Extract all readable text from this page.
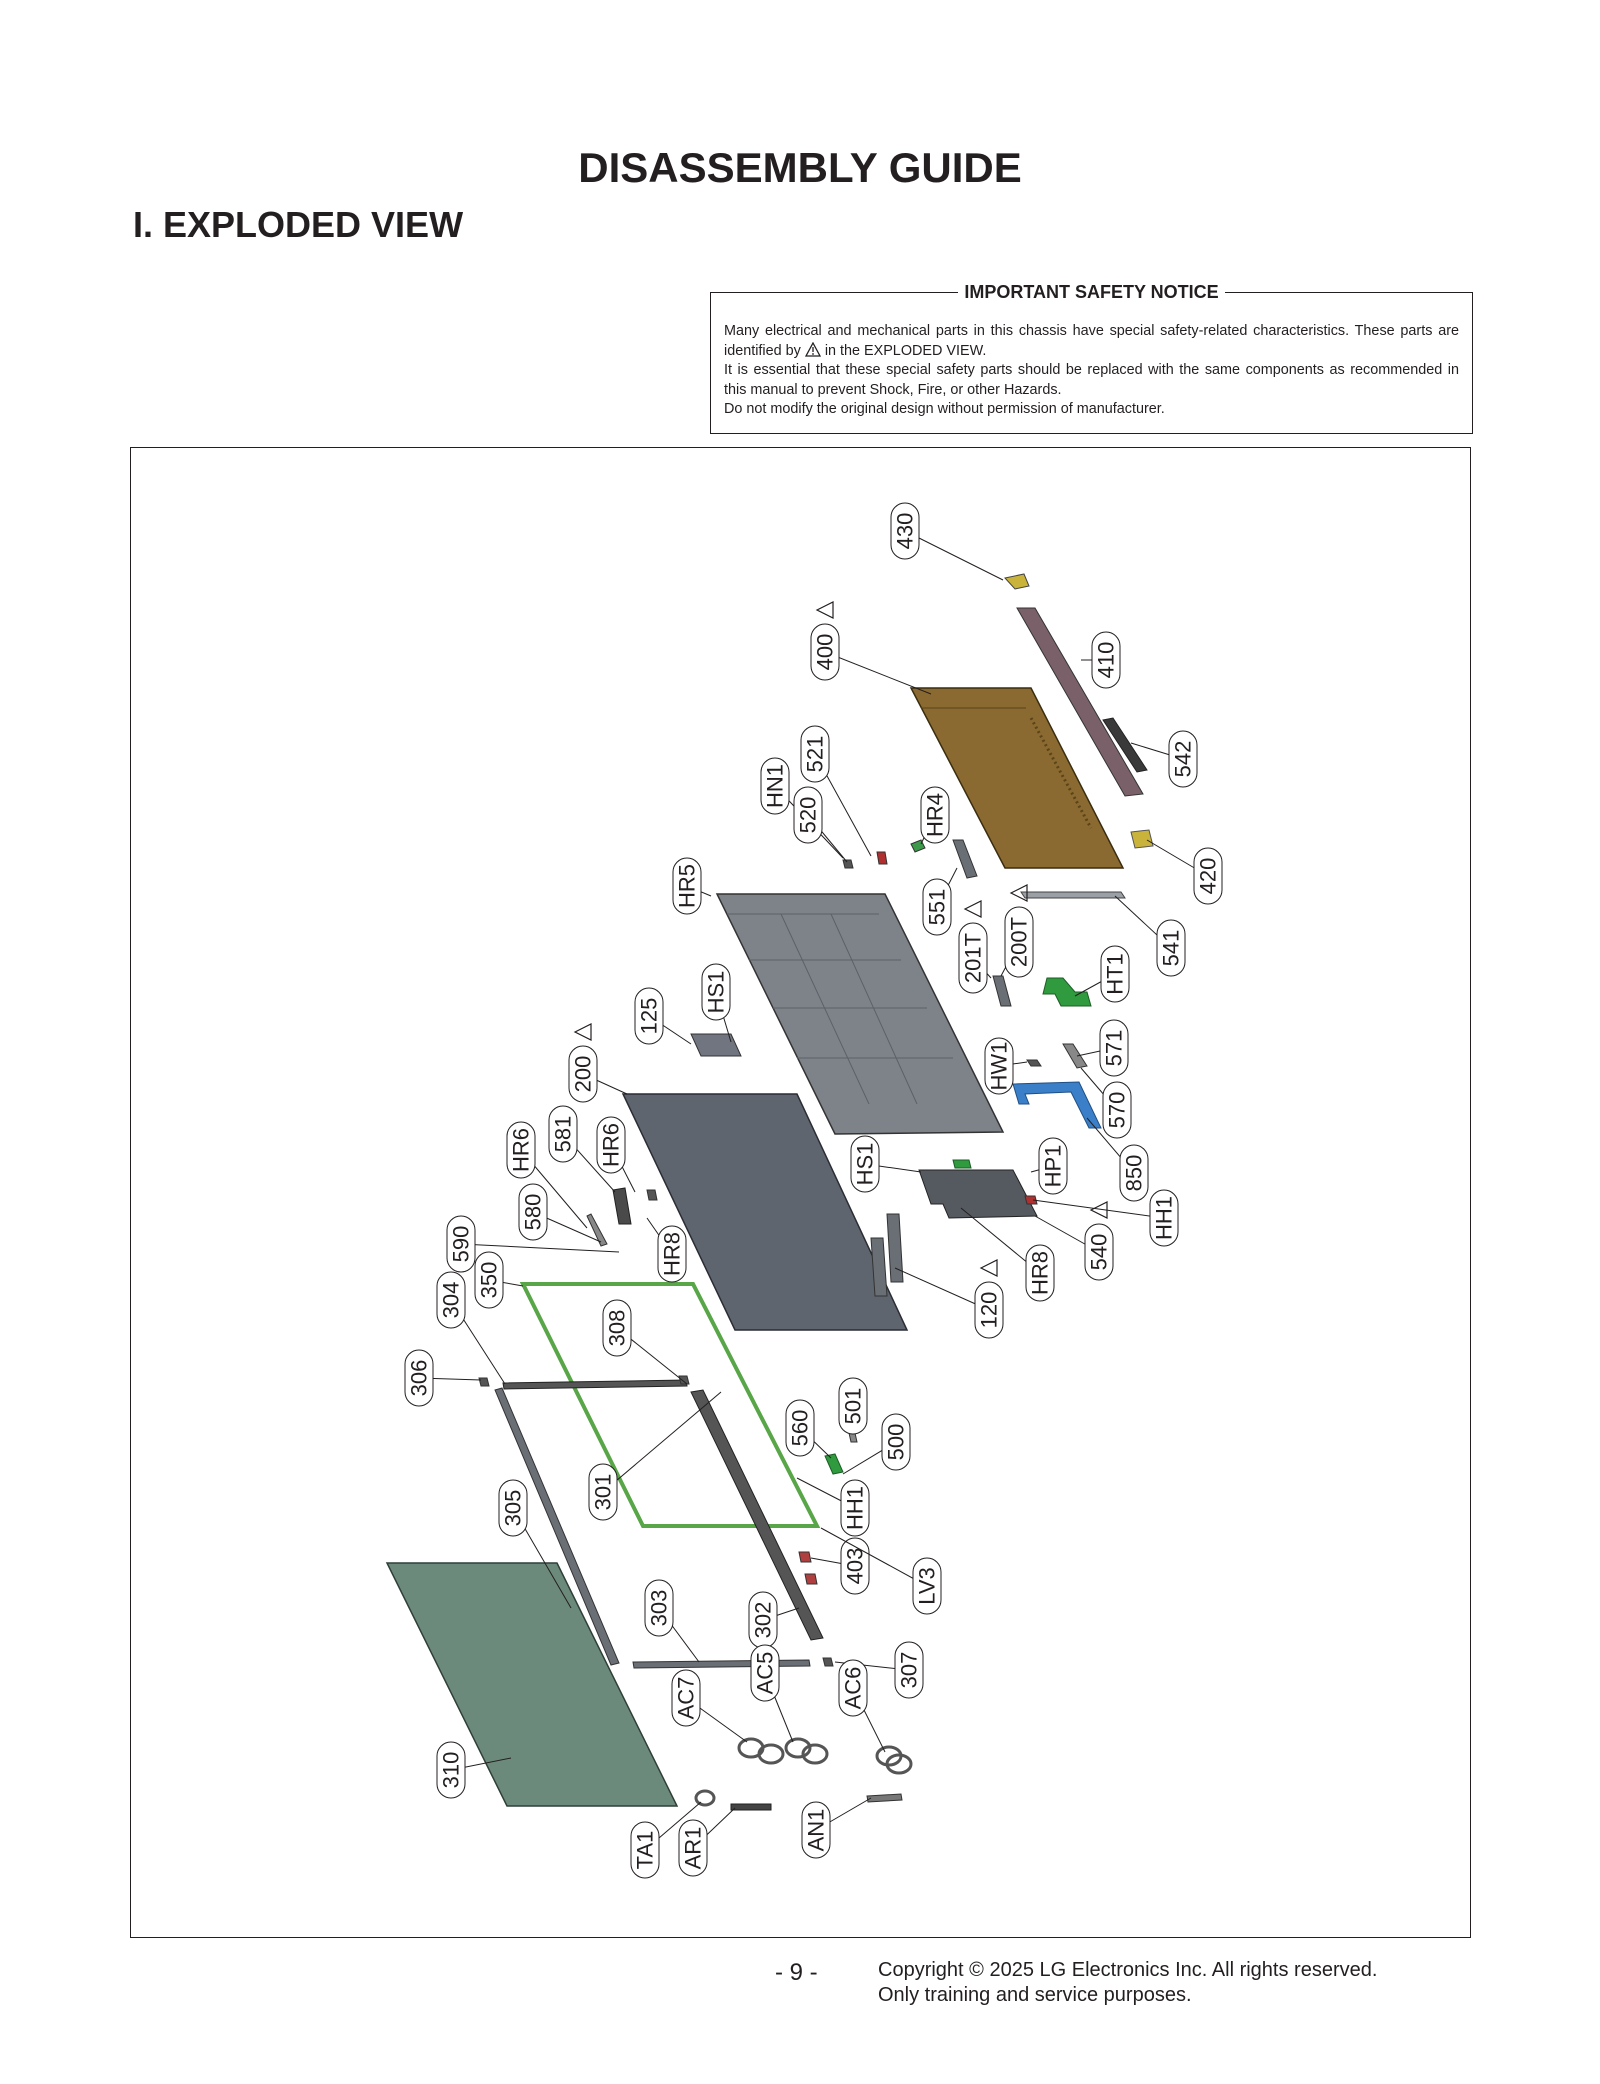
DISASSEMBLY GUIDE
I. EXPLODED VIEW
IMPORTANT SAFETY NOTICE

Many electrical and mechanical parts in this chassis have special safety-related characteristics. These parts are identified by in the EXPLODED VIEW.

It is essential that these special safety parts should be replaced with the same components as recommended in this manual to prevent Shock, Fire, or other Hazards.

Do not modify the original design without permission of manufacturer.

430
400	410
542
420
521
HN1
520	HR4
551
HR5
541
201T 200T
HT1
HS1
125
571
HW1
570
850
200
581
HR6	HR6	HS1	HP1
HH1
580
590	HR8	540
HR8
120
350
304
308
306
560
501
500
305	301	HH1
403
LV3
303	302
307
AC7
AC5	AC6
310
TA1 AR1	AN1
- 9 -	Copyright © 2025 LG Electronics Inc. All rights reserved.
Only training and service purposes.
